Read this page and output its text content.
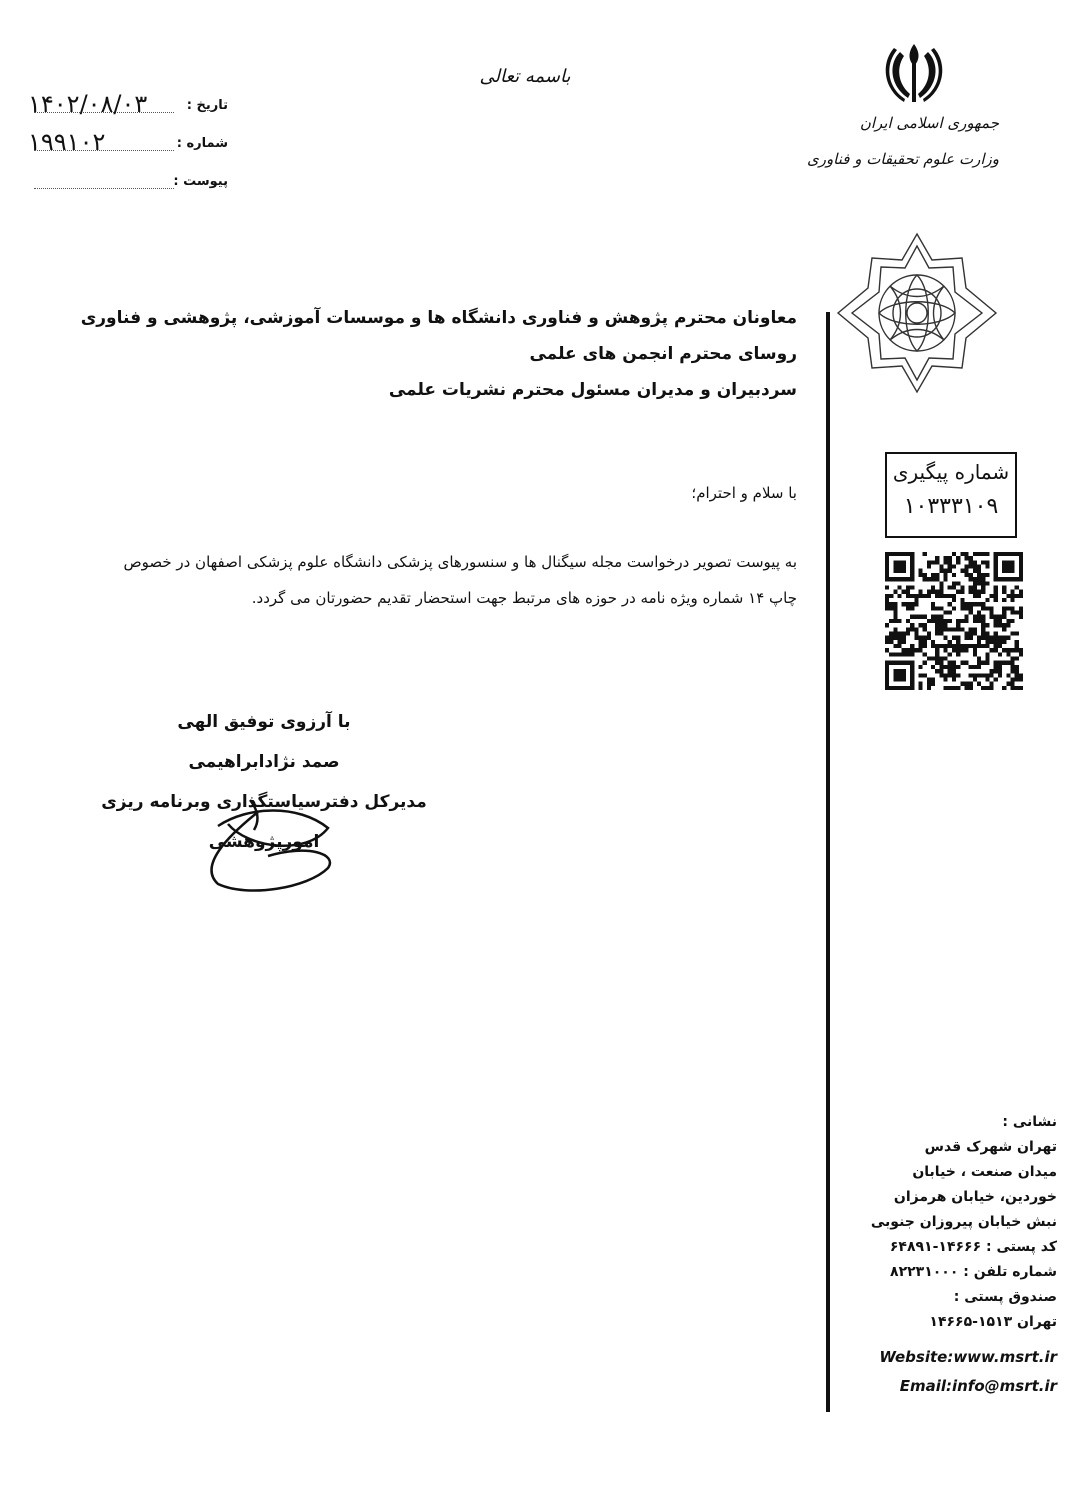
باسمه تعالی
تاریخ :
۱۴۰۲/۰۸/۰۳
شماره :
۱۹۹۱۰۲
پیوست :
جمهوری اسلامی ایران
وزارت علوم تحقیقات و فناوری
معاونان محترم پژوهش و فناوری دانشگاه ها و موسسات آموزشی، پژوهشی و فناوری
روسای محترم انجمن های علمی
سردبیران و مدیران مسئول محترم نشریات علمی
شماره پیگیری
۱۰۳۳۳۱۰۹
با سلام و احترام؛
به پیوست تصویر درخواست مجله سیگنال ها و سنسورهای پزشکی دانشگاه علوم پزشکی اصفهان در خصوص چاپ ۱۴ شماره ویژه نامه در حوزه های مرتبط جهت استحضار تقدیم حضورتان می گردد.
با آرزوی توفیق الهی
صمد نژادابراهیمی
مدیرکل دفترسیاستگذاری وبرنامه ریزی امورپژوهشی
نشانی :
تهران شهرک قدس
میدان صنعت ، خیابان
خوردین، خیابان هرمزان
نبش خیابان پیروزان جنوبی
کد پستی : ۱۴۶۶۶-۶۴۸۹۱
شماره تلفن : ۸۲۲۳۱۰۰۰
صندوق پستی :
تهران ۱۵۱۳-۱۴۶۶۵
Website:www.msrt.ir
Email:info@msrt.ir
